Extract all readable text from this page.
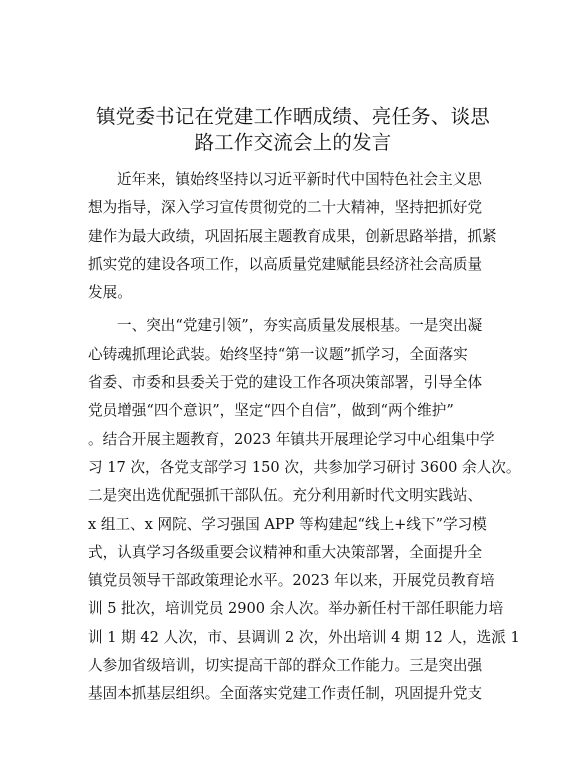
镇党委书记在党建工作晒成绩、亮任务、谈思
路工作交流会上的发言

近年来，镇始终坚持以习近平新时代中国特色社会主义思
想为指导，深入学习宣传贯彻党的二十大精神，坚持把抓好党
建作为最大政绩，巩固拓展主题教育成果，创新思路举措，抓紧
抓实党的建设各项工作，以高质量党建赋能县经济社会高质量
发展。

一、突出“党建引领”，夯实高质量发展根基。一是突出凝
心铸魂抓理论武装。始终坚持“第一议题”抓学习，全面落实
省委、市委和县委关于党的建设工作各项决策部署，引导全体
党员增强“四个意识”，坚定“四个自信”，做到“两个维护”
。结合开展主题教育，2023 年镇共开展理论学习中心组集中学
习 17 次，各党支部学习 150 次，共参加学习研讨 3600 余人次。
二是突出选优配强抓干部队伍。充分利用新时代文明实践站、
x 组工、x 网院、学习强国 APP 等构建起“线上+线下”学习模
式，认真学习各级重要会议精神和重大决策部署，全面提升全
镇党员领导干部政策理论水平。2023 年以来，开展党员教育培
训 5 批次，培训党员 2900 余人次。举办新任村干部任职能力培
训 1 期 42 人次，市、县调训 2 次，外出培训 4 期 12 人，选派 1
人参加省级培训，切实提高干部的群众工作能力。三是突出强
基固本抓基层组织。全面落实党建工作责任制，巩固提升党支
